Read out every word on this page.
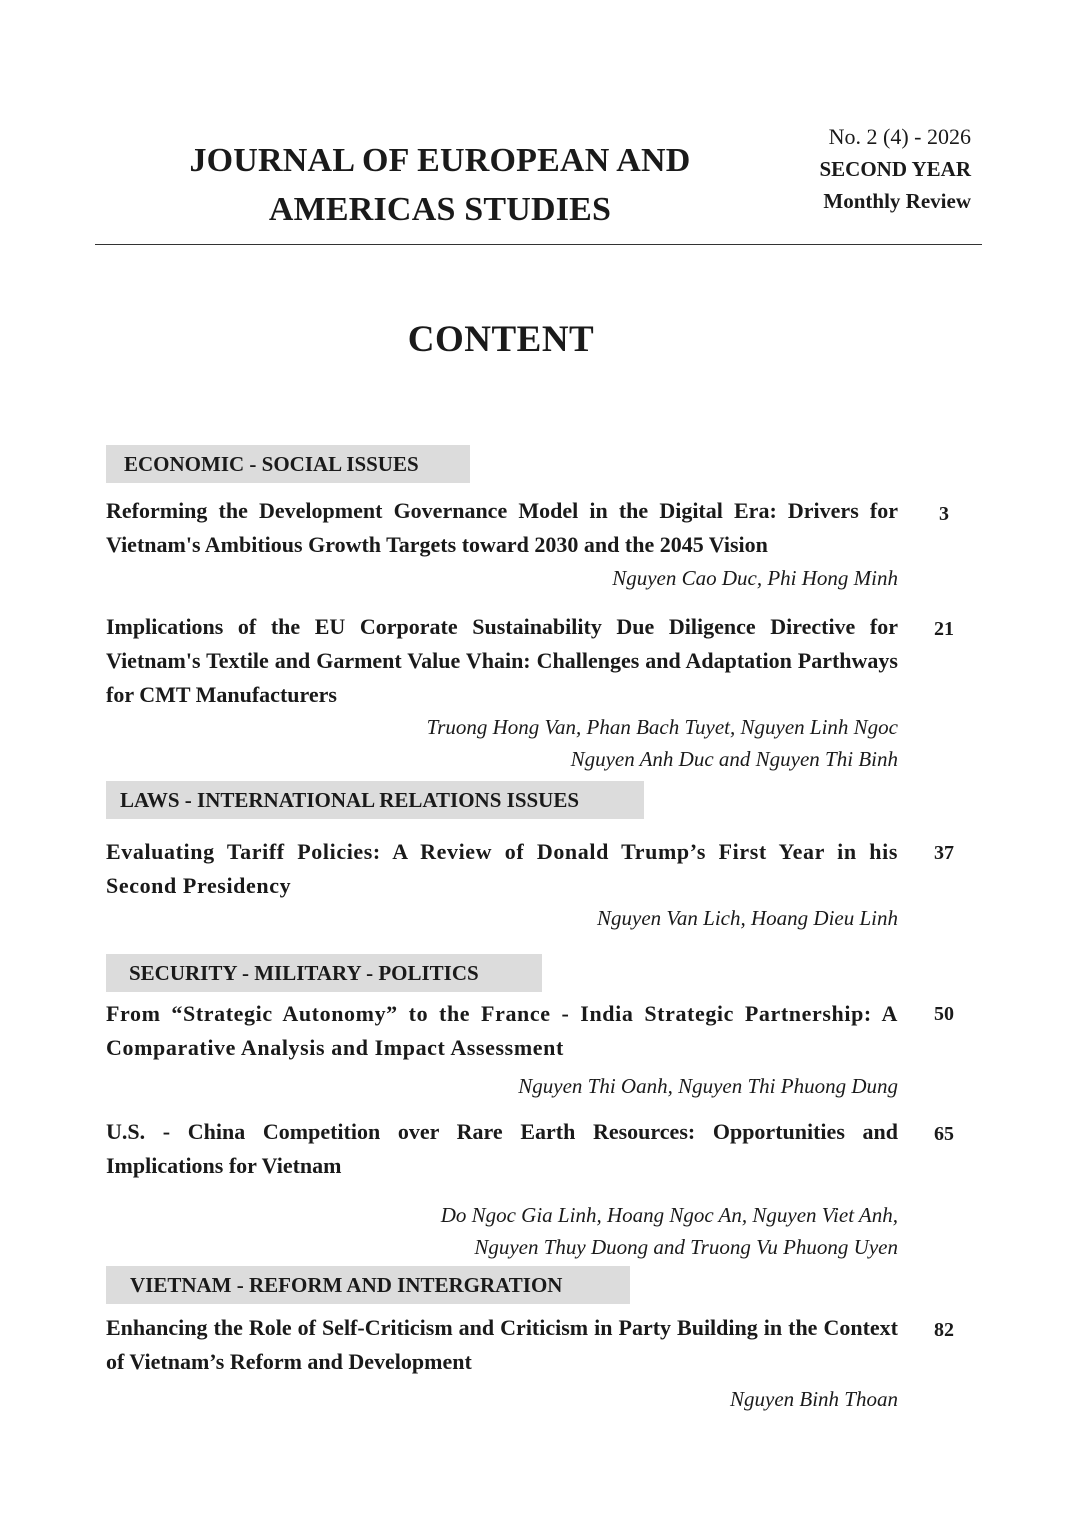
JOURNAL OF EUROPEAN AND
AMERICAS STUDIES
No. 2 (4) - 2026
SECOND YEAR
Monthly Review
CONTENT
ECONOMIC - SOCIAL ISSUES
Reforming the Development Governance Model in the Digital Era: Drivers for Vietnam's Ambitious Growth Targets toward 2030 and the 2045 Vision
3
Nguyen Cao Duc, Phi Hong Minh
Implications of the EU Corporate Sustainability Due Diligence Directive for Vietnam's Textile and Garment Value Vhain: Challenges and Adaptation Parthways for CMT Manufacturers
21
Truong Hong Van, Phan Bach Tuyet, Nguyen Linh Ngoc
Nguyen Anh Duc and Nguyen Thi Binh
LAWS - INTERNATIONAL RELATIONS ISSUES
Evaluating Tariff Policies: A Review of Donald Trump’s First Year in his Second Presidency
37
Nguyen Van Lich, Hoang Dieu Linh
SECURITY - MILITARY - POLITICS
From “Strategic Autonomy” to the France - India Strategic Partnership: A Comparative Analysis and Impact Assessment
50
Nguyen Thi Oanh, Nguyen Thi Phuong Dung
U.S. - China Competition over Rare Earth Resources: Opportunities and Implications for Vietnam
65
Do Ngoc Gia Linh, Hoang Ngoc An, Nguyen Viet Anh,
Nguyen Thuy Duong and Truong Vu Phuong Uyen
VIETNAM - REFORM AND INTERGRATION
Enhancing the Role of Self-Criticism and Criticism in Party Building in the Context of Vietnam’s Reform and Development
82
Nguyen Binh Thoan
